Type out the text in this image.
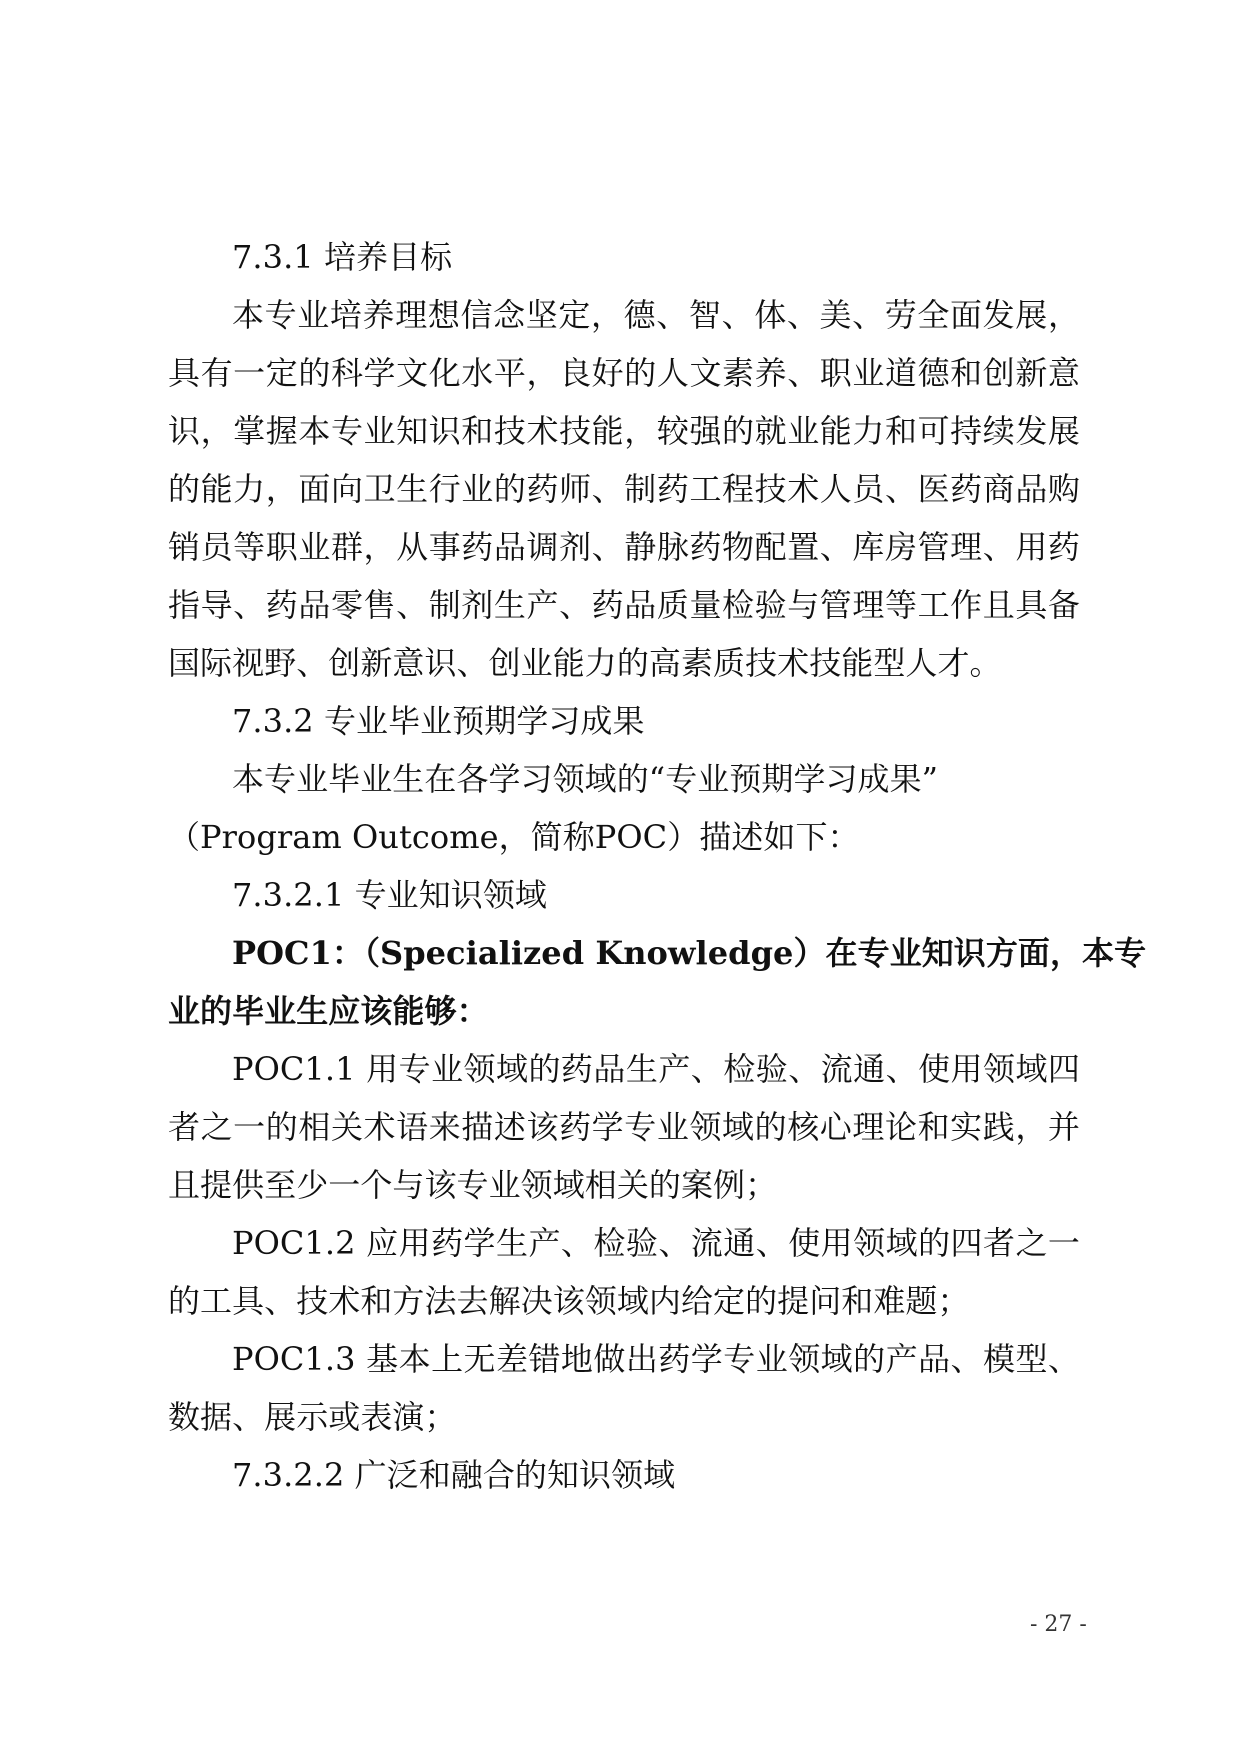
7.3.1 培养目标
本专业培养理想信念坚定，德、智、体、美、劳全面发展，
具有一定的科学文化水平，良好的人文素养、职业道德和创新意
识，掌握本专业知识和技术技能，较强的就业能力和可持续发展
的能力，面向卫生行业的药师、制药工程技术人员、医药商品购
销员等职业群，从事药品调剂、静脉药物配置、库房管理、用药
指导、药品零售、制剂生产、药品质量检验与管理等工作且具备
国际视野、创新意识、创业能力的高素质技术技能型人才。
7.3.2 专业毕业预期学习成果
本专业毕业生在各学习领域的“专业预期学习成果”
（Program Outcome，简称POC）描述如下：
7.3.2.1 专业知识领域
POC1：（Specialized Knowledge）在专业知识方面，本专
业的毕业生应该能够：
POC1.1 用专业领域的药品生产、检验、流通、使用领域四
者之一的相关术语来描述该药学专业领域的核心理论和实践，并
且提供至少一个与该专业领域相关的案例；
POC1.2 应用药学生产、检验、流通、使用领域的四者之一
的工具、技术和方法去解决该领域内给定的提问和难题；
POC1.3 基本上无差错地做出药学专业领域的产品、模型、
数据、展示或表演；
7.3.2.2 广泛和融合的知识领域
- 27 -
